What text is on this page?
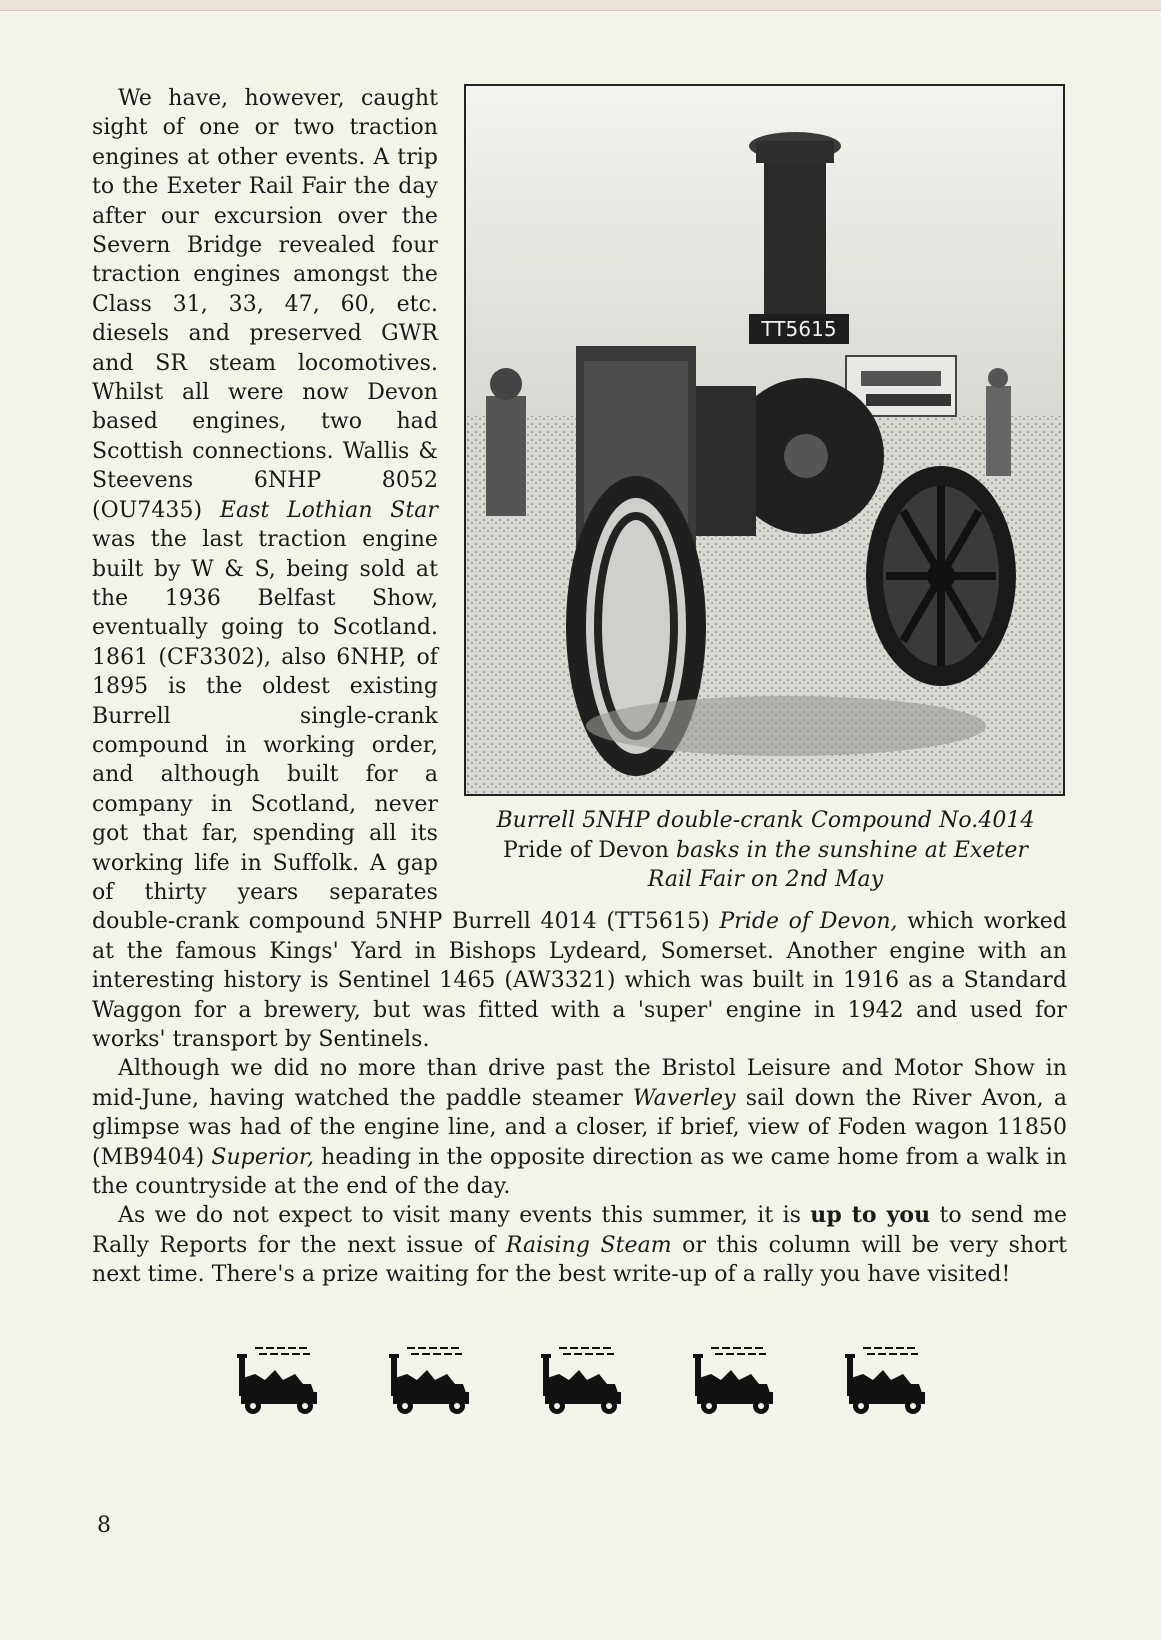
TT5615
Burrell 5NHP double-crank Compound No.4014
Pride of Devon basks in the sunshine at Exeter
Rail Fair on 2nd May

We have, however, caught sight of one or two traction engines at other events. A trip to the Exeter Rail Fair the day after our excursion over the Severn Bridge revealed four traction engines amongst the Class 31, 33, 47, 60, etc. diesels and preserved GWR and SR steam locomotives. Whilst all were now Devon based engines, two had Scottish connections. Wallis & Steevens 6NHP 8052 (OU7435) East Lothian Star was the last traction engine built by W & S, being sold at the 1936 Belfast Show, eventually going to Scotland. 1861 (CF3302), also 6NHP, of 1895 is the oldest existing Burrell single-crank compound in working order, and although built for a company in Scotland, never got that far, spending all its working life in Suffolk. A gap of thirty years separates double-crank compound 5NHP Burrell 4014 (TT5615) Pride of Devon, which worked at the famous Kings' Yard in Bishops Lydeard, Somerset. Another engine with an interesting history is Sentinel 1465 (AW3321) which was built in 1916 as a Standard Waggon for a brewery, but was fitted with a 'super' engine in 1942 and used for works' transport by Sentinels.

Although we did no more than drive past the Bristol Leisure and Motor Show in mid-June, having watched the paddle steamer Waverley sail down the River Avon, a glimpse was had of the engine line, and a closer, if brief, view of Foden wagon 11850 (MB9404) Superior, heading in the opposite direction as we came home from a walk in the countryside at the end of the day.

As we do not expect to visit many events this summer, it is up to you to send me Rally Reports for the next issue of Raising Steam or this column will be very short next time. There's a prize waiting for the best write-up of a rally you have visited!

8
